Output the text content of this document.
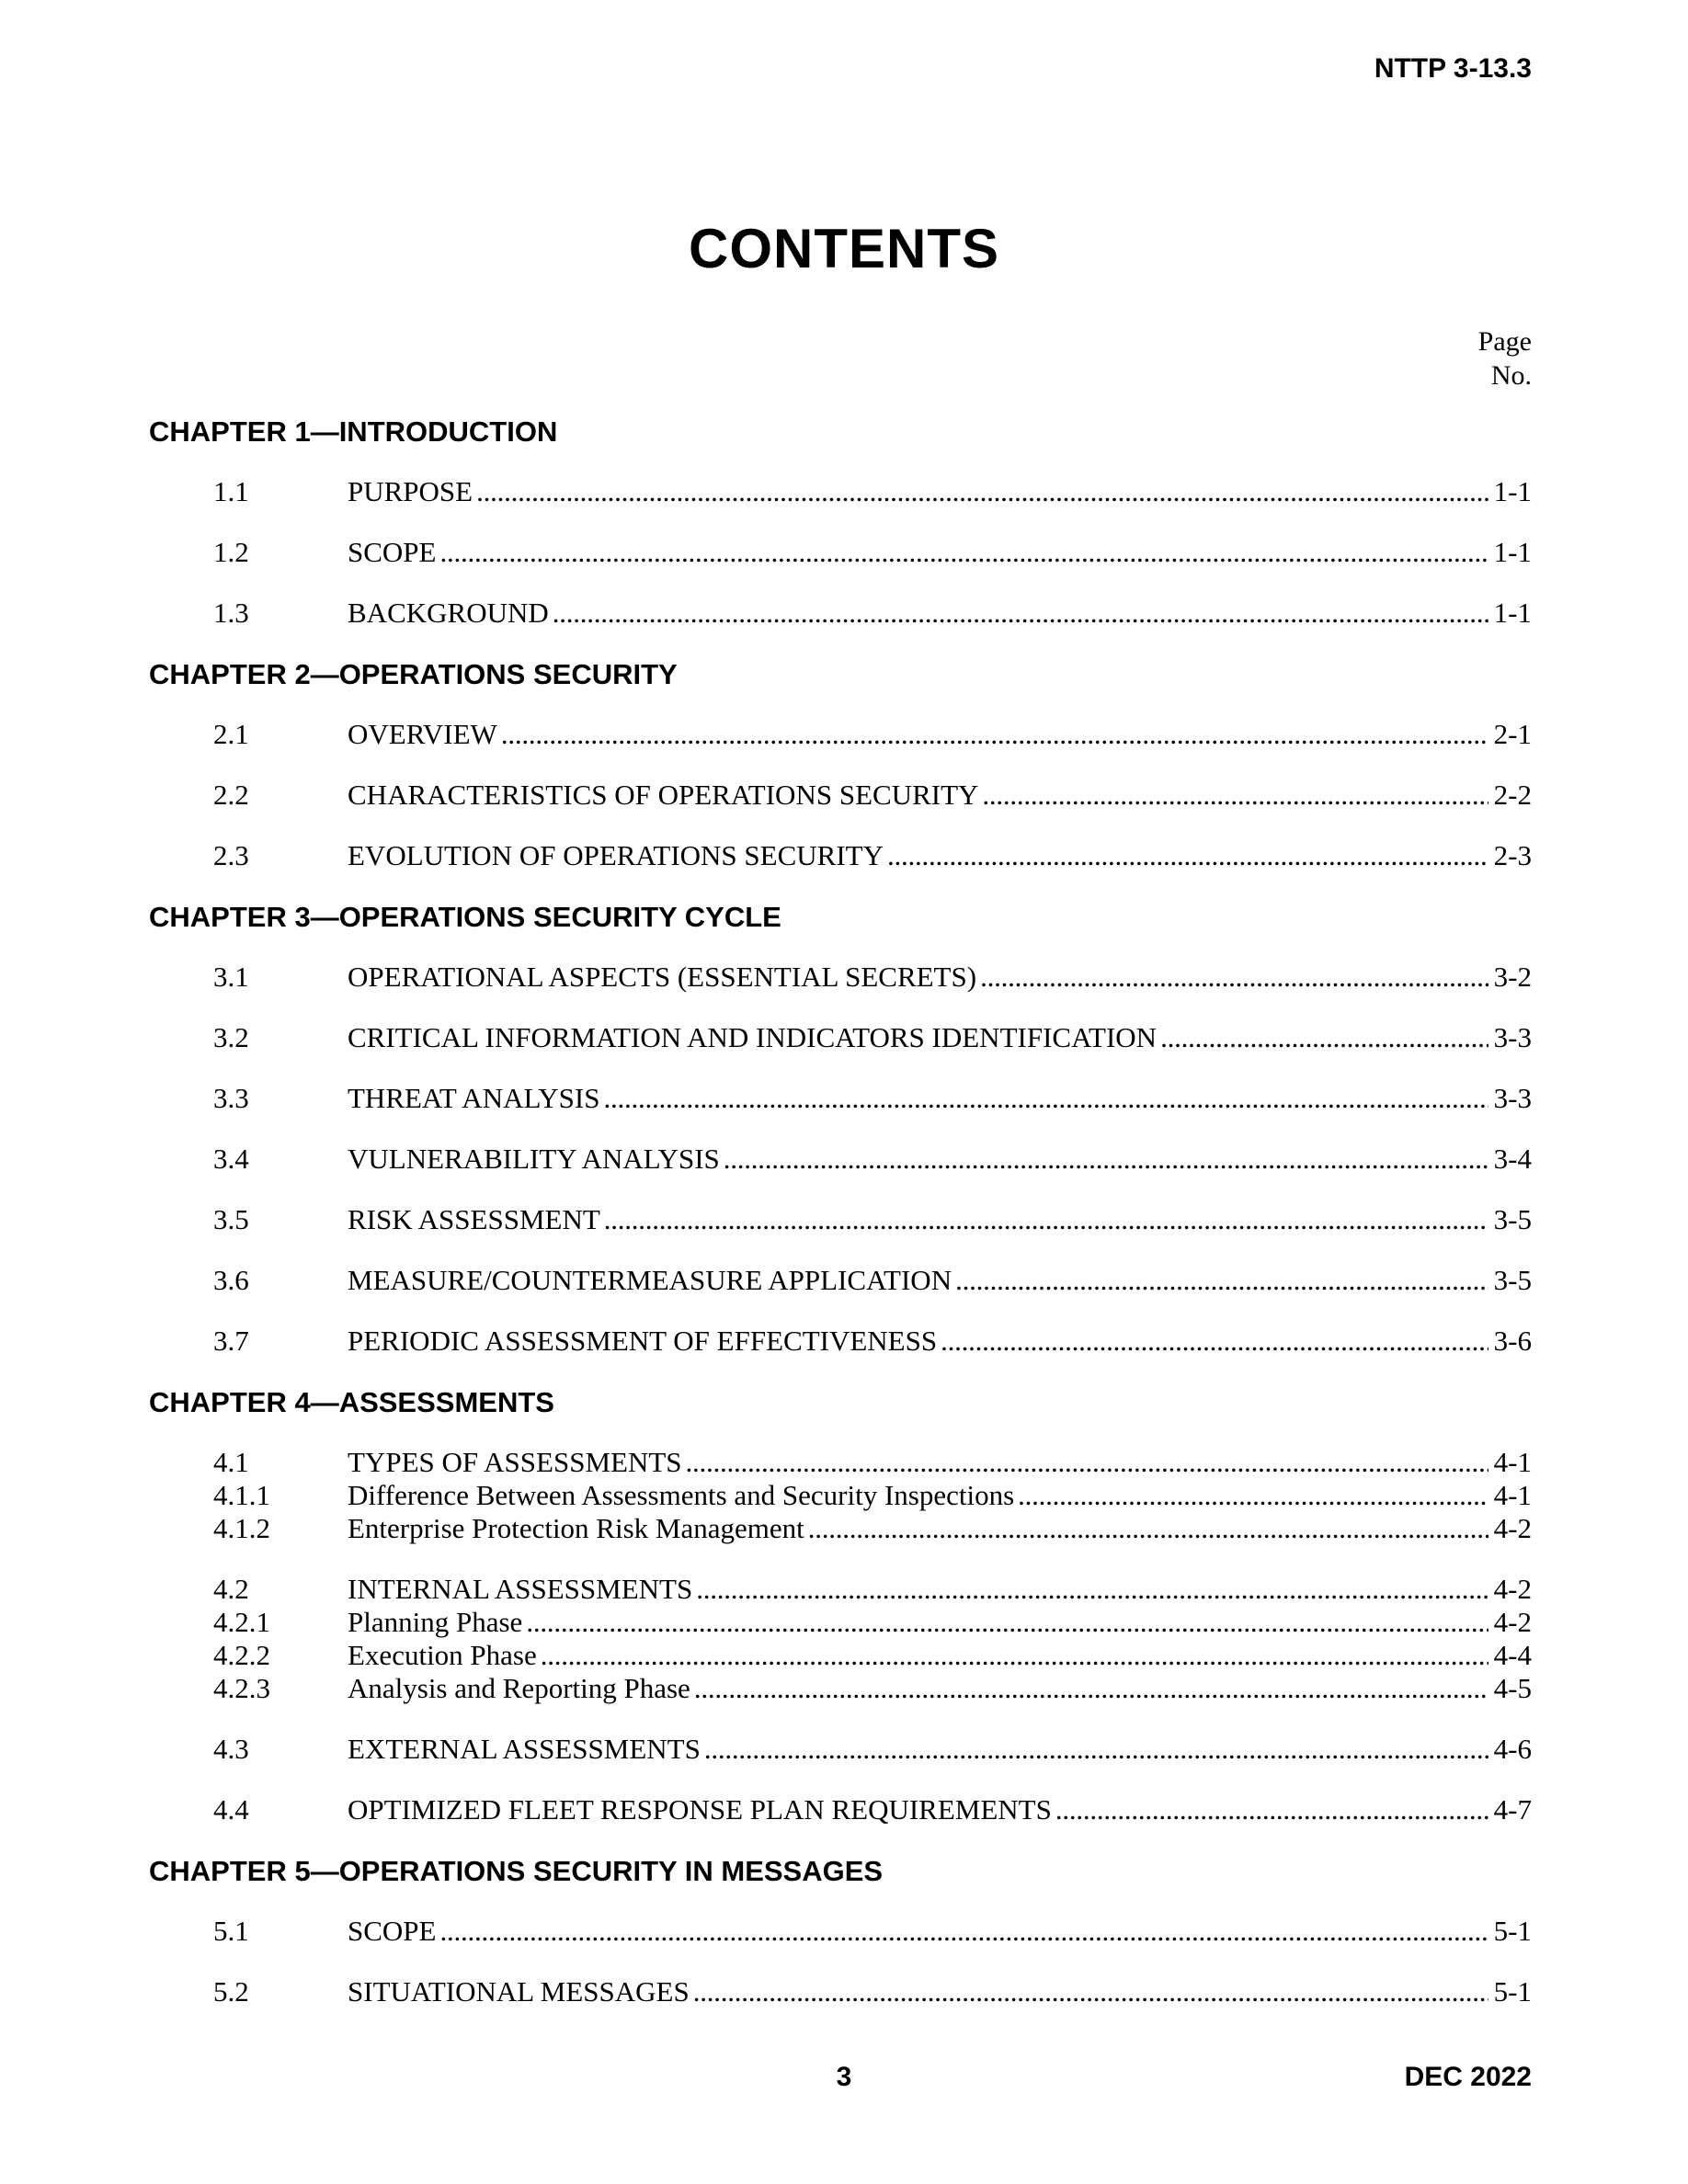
NTTP 3-13.3
CONTENTS
Page
No.
CHAPTER 1—INTRODUCTION
1.1	PURPOSE . . .	1-1
1.2	SCOPE . . .	1-1
1.3	BACKGROUND . . .	1-1
CHAPTER 2—OPERATIONS SECURITY
2.1	OVERVIEW . . .	2-1
2.2	CHARACTERISTICS OF OPERATIONS SECURITY . . .	2-2
2.3	EVOLUTION OF OPERATIONS SECURITY . . .	2-3
CHAPTER 3—OPERATIONS SECURITY CYCLE
3.1	OPERATIONAL ASPECTS (ESSENTIAL SECRETS) . . .	3-2
3.2	CRITICAL INFORMATION AND INDICATORS IDENTIFICATION . . .	3-3
3.3	THREAT ANALYSIS . . .	3-3
3.4	VULNERABILITY ANALYSIS . . .	3-4
3.5	RISK ASSESSMENT . . .	3-5
3.6	MEASURE/COUNTERMEASURE APPLICATION . . .	3-5
3.7	PERIODIC ASSESSMENT OF EFFECTIVENESS . . .	3-6
CHAPTER 4—ASSESSMENTS
4.1	TYPES OF ASSESSMENTS . . .	4-1
4.1.1	Difference Between Assessments and Security Inspections . . .	4-1
4.1.2	Enterprise Protection Risk Management . . .	4-2
4.2	INTERNAL ASSESSMENTS . . .	4-2
4.2.1	Planning Phase . . .	4-2
4.2.2	Execution Phase . . .	4-4
4.2.3	Analysis and Reporting Phase . . .	4-5
4.3	EXTERNAL ASSESSMENTS . . .	4-6
4.4	OPTIMIZED FLEET RESPONSE PLAN REQUIREMENTS . . .	4-7
CHAPTER 5—OPERATIONS SECURITY IN MESSAGES
5.1	SCOPE . . .	5-1
5.2	SITUATIONAL MESSAGES . . .	5-1
3	DEC 2022
